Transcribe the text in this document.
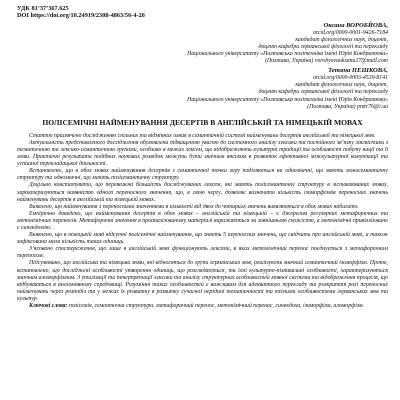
УДК 81’37’367.625
DOI https://doi.org/10.24919/2308-4863/56-4-26
Оксана ВОРОБЙОВА,
orcid.org/0000-0001-9426-7184
кандидат філологічних наук, доцент,
доцент кафедри германської філології та перекладу
Національного університету «Полтавська політехніка імені Юрія Кондратюка»
(Полтава, Україна) vorobyovaoksana27@mail.com
Тетяна ПЕШКОВА,
orcid.org/0000-0003-4539-8141
кандидат філологічних наук, доцент,
доцент кафедри германської філології та перекладу
Національного університету «Полтавська політехніка імені Юрія Кондратюка»
(Полтава, Україна) pmtr76@i.ua
ПОЛІСЕМІЧНІ НАЙМЕНУВАННЯ ДЕСЕРТІВ В АНГЛІЙСЬКІЙ ТА НІМЕЦЬКІЙ МОВАХ

Статтю присвячено дослідженню спільних та відмінних ознак в семантичній системі найменувань десертів англійської та німецької мов.

Актуальність представленого дослідження обумовлена підвищеною увагою до системного аналізу лексики та постійного зв’язку лінгвістики з тематичною та лексико-семантичною групами, особливо в межах лексем, що відображають культурні традиції та особливості побуту нації та її мови. Практичні результати подібних наукових розвідок можуть бути значним внеском в розвиток ефективної міжкультурної комунікації та успішної перекладацької діяльності.

Встановлено, що в обох мовах найменування десертів з семантичної точки зору поділяються на однозначні, що мають моносемантичну структуру та однозначні, що мають полісемантичну структуру.

Доцільно констатувати, що переважна більшість досліджуваних лексем, які мають полісемантичну структуру в зіставлюваних мовах, характеризуються наявністю одного переносного значення, що, в свою чергу, дозволяє визначати кількість ізоморфізмів переносних значень найменувань десертів в англійській та німецькій мовах.

Виявлено, що найменування з переносними значеннями в кількості від двох до чотирьох значень виявляються в обох мовах набагато.

Емпірично доведено, що найменування десертів в обох мовах – англійській та німецькій – є джерелом регулярних метафоричних та метонімічних переносів. Метафоричні значення в проаналізованому матеріалі виражаються за зовнішньою схожістю, а метонімічні привілейовано є синекдохою.

Виявлено, що в німецькій мові відсутні полісемічні найменування, що мають 5 переносних значень, що свідчить про англійській мові, а також зафіксована мала кількість таких одиниць.

З’ясовано спостереження, що лише в англійській мові функціонують лексеми, в яких метонімічний перенос поєднується з метафоричним переносом.

Підсумовано, що англійська та німецька мови, які відносяться до групи германських мов, реалізують значний семантичний ізоморфізм. Проте, встановлено, що досліджені особливості утворення одиниць, що розглядаються, та їхні культурно-пізнавальні особливості, характеризуються значним аломорфізмом. З утилізації та інтерпретації лексики та аналізу структурних особливостей мовної системи та відображення процесів, що відбуваються в англомовному середовищі. Розуміння таких особливостей є важливим для адекватного перекладу та розкриття ролі переносних найменувань через розподіл та у межах їх розвитку в розвитку сучасної нерідної тематичності та тісними особливостями германських мов та культур.

Ключові слова: полісемія, семантична структура, метафоричний перенос, метонімічний перенос, синекдоха, ізоморфізм, аломорфізм.
